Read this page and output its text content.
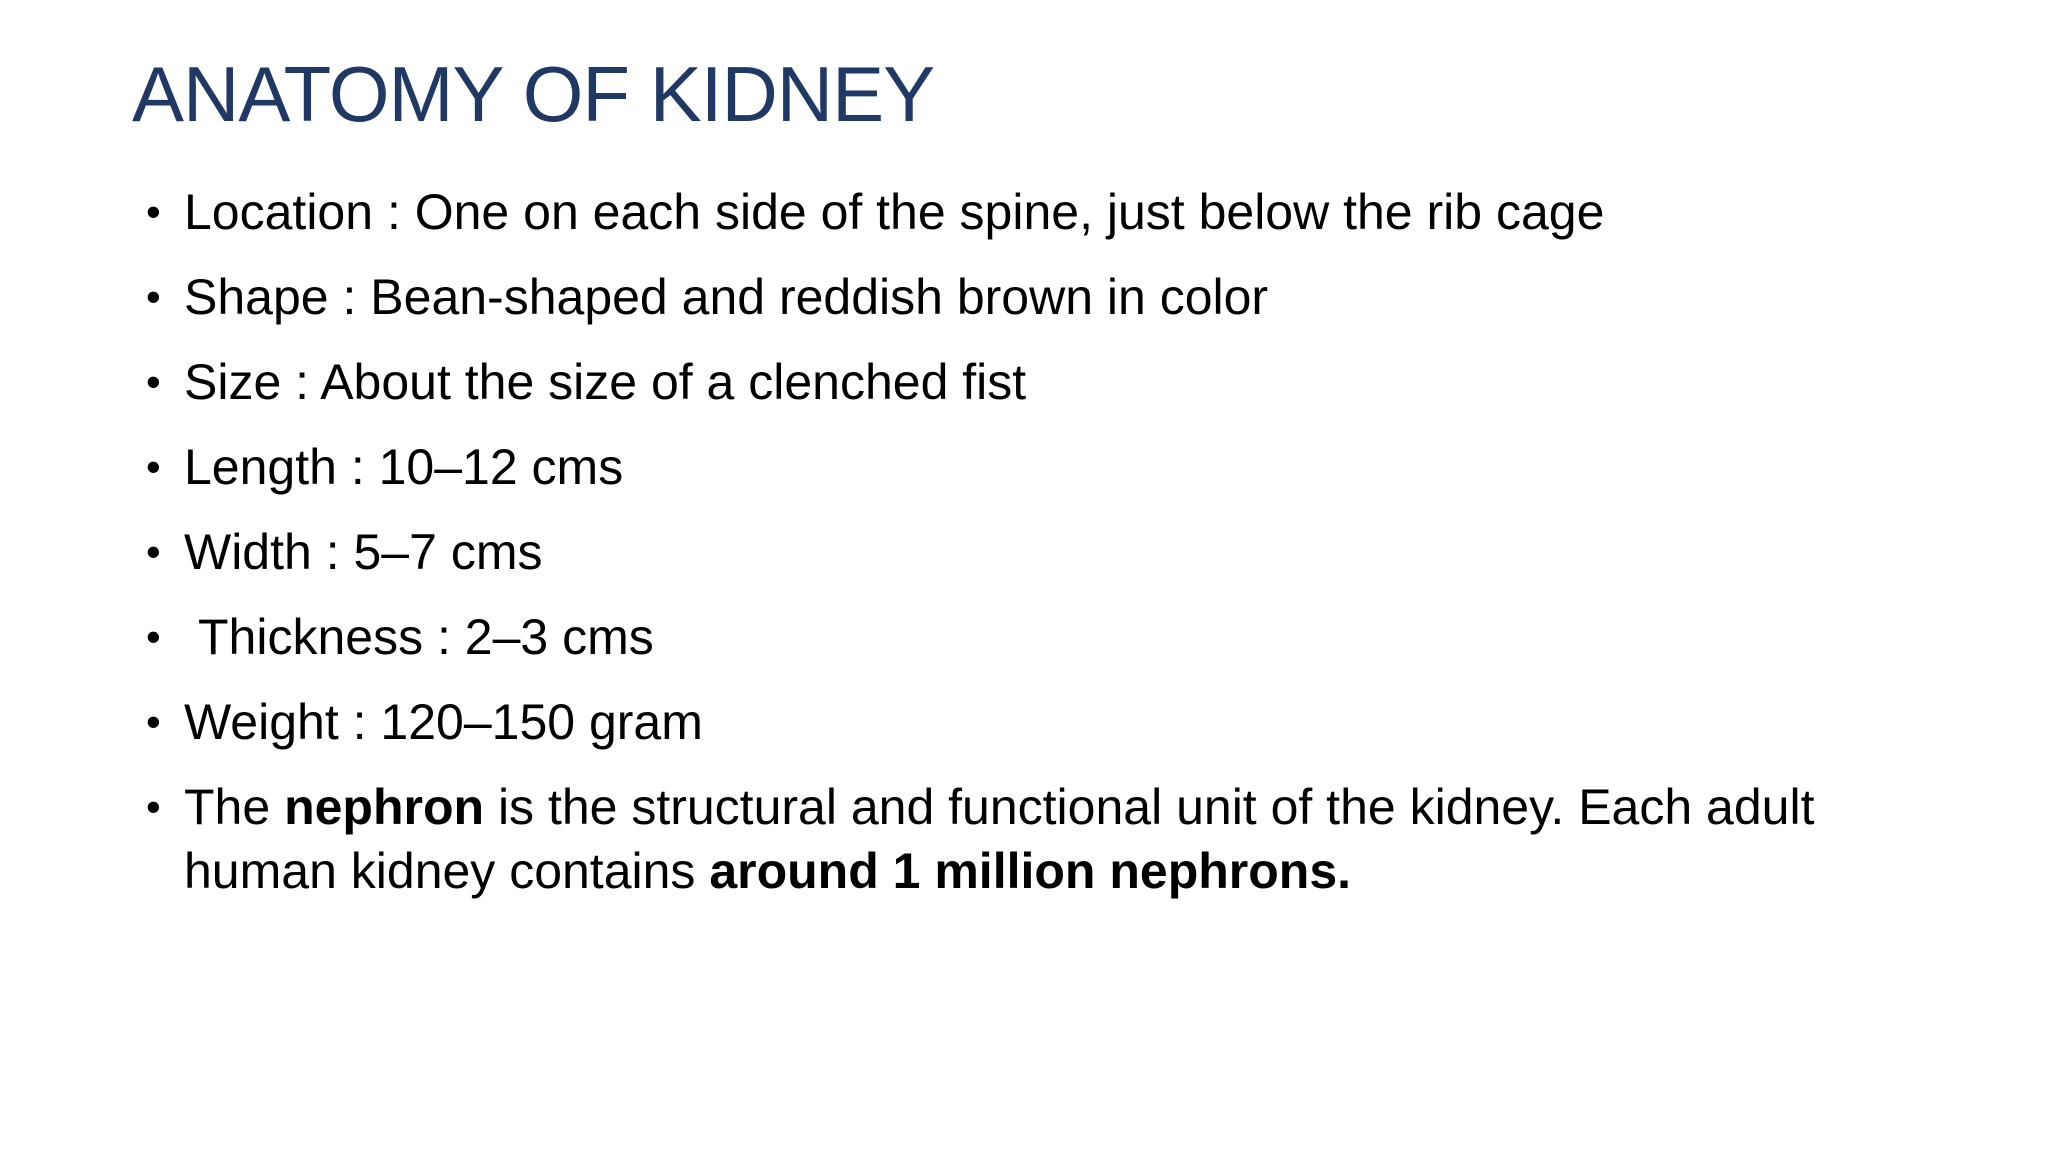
ANATOMY OF KIDNEY
• Location : One on each side of the spine, just below the rib cage
• Shape : Bean-shaped and reddish brown in color
• Size : About the size of a clenched fist
• Length : 10–12 cms
• Width : 5–7 cms
• Thickness : 2–3 cms
• Weight : 120–150 gram
• The nephron is the structural and functional unit of the kidney. Each adult human kidney contains around 1 million nephrons.
